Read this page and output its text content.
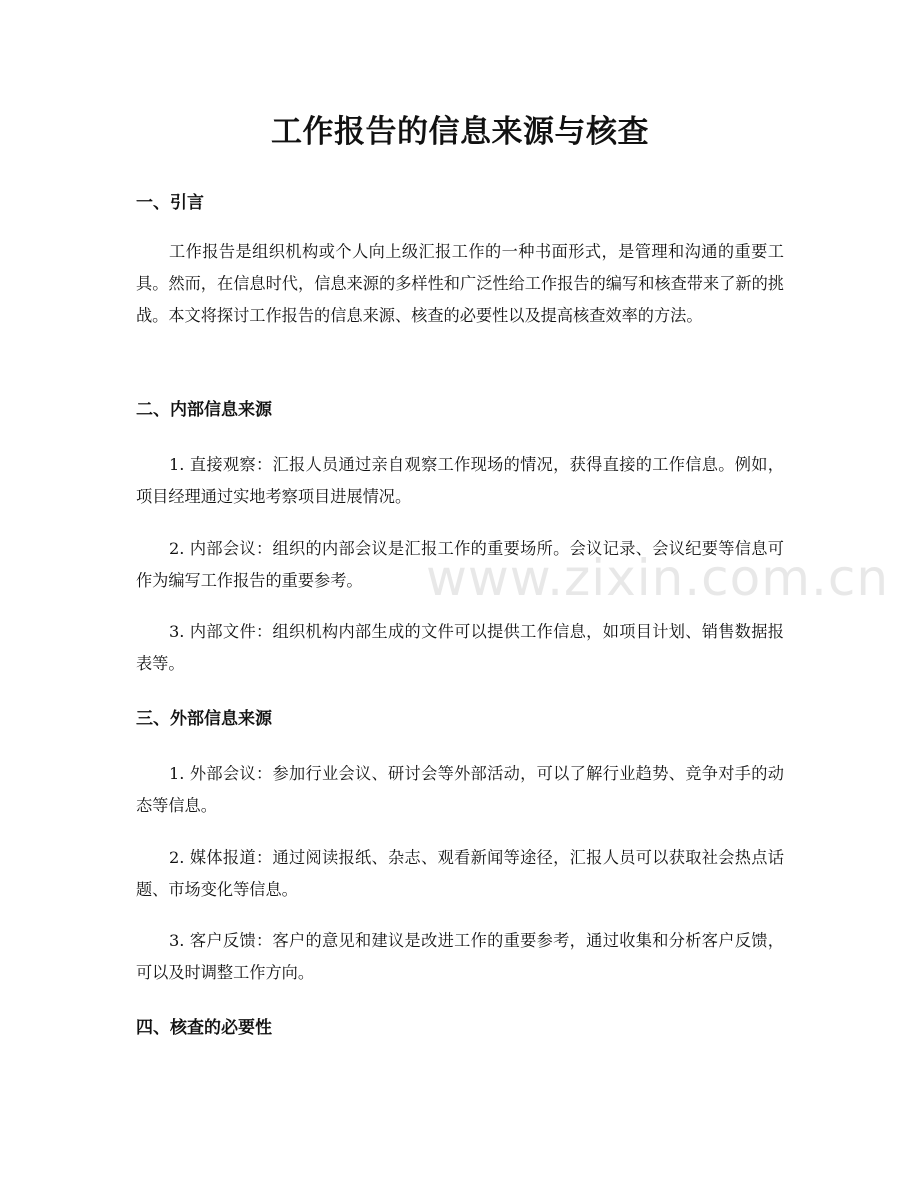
工作报告的信息来源与核查
一、引言

工作报告是组织机构或个人向上级汇报工作的一种书面形式，是管理和沟通的重要工具。然而，在信息时代，信息来源的多样性和广泛性给工作报告的编写和核查带来了新的挑战。本文将探讨工作报告的信息来源、核查的必要性以及提高核查效率的方法。

二、内部信息来源

1. 直接观察：汇报人员通过亲自观察工作现场的情况，获得直接的工作信息。例如，项目经理通过实地考察项目进展情况。

2. 内部会议：组织的内部会议是汇报工作的重要场所。会议记录、会议纪要等信息可作为编写工作报告的重要参考。

3. 内部文件：组织机构内部生成的文件可以提供工作信息，如项目计划、销售数据报表等。

三、外部信息来源

1. 外部会议：参加行业会议、研讨会等外部活动，可以了解行业趋势、竞争对手的动态等信息。

2. 媒体报道：通过阅读报纸、杂志、观看新闻等途径，汇报人员可以获取社会热点话题、市场变化等信息。

3. 客户反馈：客户的意见和建议是改进工作的重要参考，通过收集和分析客户反馈，可以及时调整工作方向。

四、核查的必要性
www.zixin.com.cn
